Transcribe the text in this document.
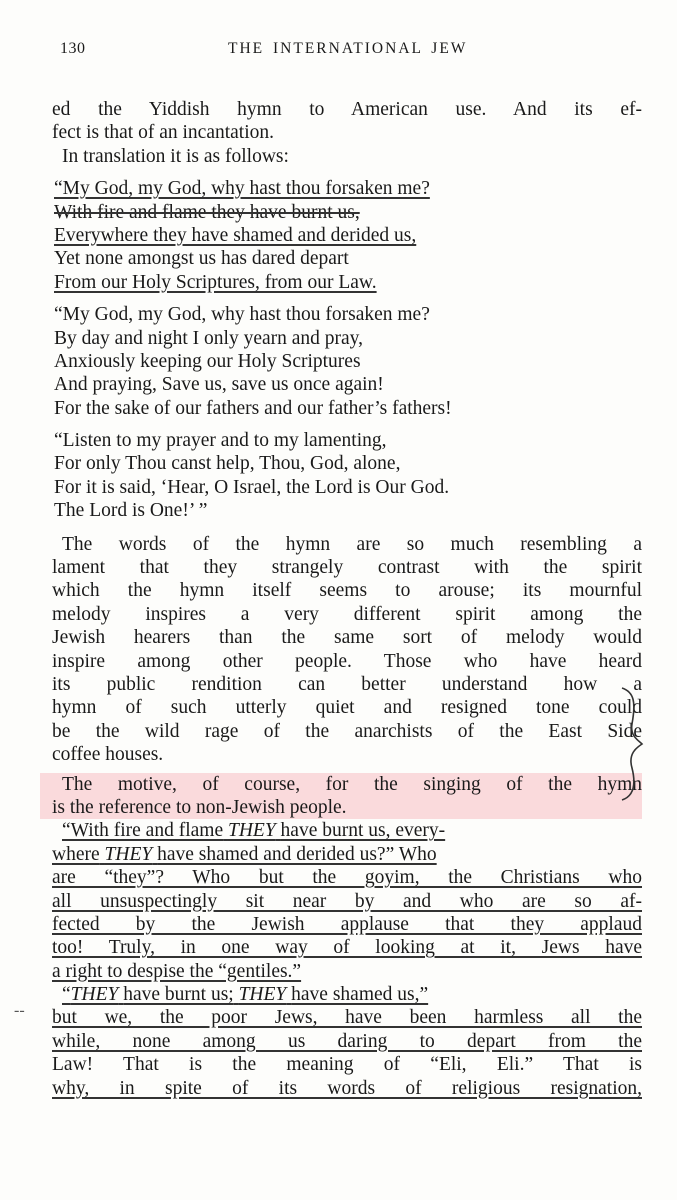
130	THE INTERNATIONAL JEW
ed the Yiddish hymn to American use. And its ef-
fect is that of an incantation.
In translation it is as follows:
“My God, my God, why hast thou forsaken me?
With fire and flame they have burnt us,
Everywhere they have shamed and derided us,
Yet none amongst us has dared depart
From our Holy Scriptures, from our Law.
“My God, my God, why hast thou forsaken me?
By day and night I only yearn and pray,
Anxiously keeping our Holy Scriptures
And praying, Save us, save us once again!
For the sake of our fathers and our father’s fathers!
“Listen to my prayer and to my lamenting,
For only Thou canst help, Thou, God, alone,
For it is said, ‘Hear, O Israel, the Lord is Our God.
The Lord is One!’ ”
The words of the hymn are so much resembling a
lament that they strangely contrast with the spirit
which the hymn itself seems to arouse; its mournful
melody inspires a very different spirit among the
Jewish hearers than the same sort of melody would
inspire among other people. Those who have heard
its public rendition can better understand how a
hymn of such utterly quiet and resigned tone could
be the wild rage of the anarchists of the East Side
coffee houses.
The motive, of course, for the singing of the hymn
is the reference to non-Jewish people.
“With fire and flame THEY have burnt us, every-
where THEY have shamed and derided us?” Who
are “they”? Who but the goyim, the Christians who
all unsuspectingly sit near by and who are so af-
fected by the Jewish applause that they applaud
too! Truly, in one way of looking at it, Jews have
a right to despise the “gentiles.”
“THEY have burnt us; THEY have shamed us,”
but we, the poor Jews, have been harmless all the
while, none among us daring to depart from the
Law! That is the meaning of “Eli, Eli.” That is
why, in spite of its words of religious resignation,
-‐
